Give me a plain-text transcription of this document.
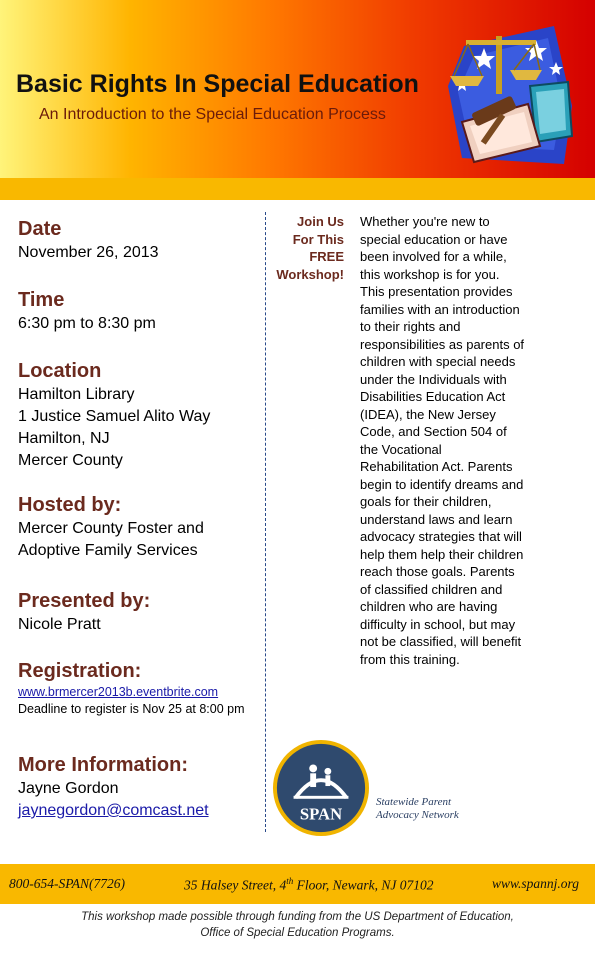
Basic Rights In Special Education
An Introduction to the Special Education Process
Date
November 26, 2013
Time
6:30 pm to 8:30 pm
Location
Hamilton Library
1 Justice Samuel Alito Way
Hamilton, NJ
Mercer County
Hosted by:
Mercer County Foster and
Adoptive Family Services
Presented by:
Nicole Pratt
Registration:
www.brmercer2013b.eventbrite.com
Deadline to register is Nov 25 at 8:00 pm
More Information:
Jayne Gordon
jaynegordon@comcast.net
Join Us
For This
FREE
Workshop!
Whether you're new to
special education or have
been involved for a while,
this workshop is for you.
This presentation provides
families with an introduction
to their rights and
responsibilities as parents of
children with special needs
under the Individuals with
Disabilities Education Act
(IDEA), the New Jersey
Code, and Section 504 of
the Vocational
Rehabilitation Act. Parents
begin to identify dreams and
goals for their children,
understand laws and learn
advocacy strategies that will
help them help their children
reach those goals. Parents
of classified children and
children who are having
difficulty in school, but may
not be classified, will benefit
from this training.
SPAN
Statewide Parent
Advocacy Network
800-654-SPAN(7726)	35 Halsey Street, 4th Floor, Newark, NJ 07102	www.spannj.org
This workshop made possible through funding from the US Department of Education,
Office of Special Education Programs.
